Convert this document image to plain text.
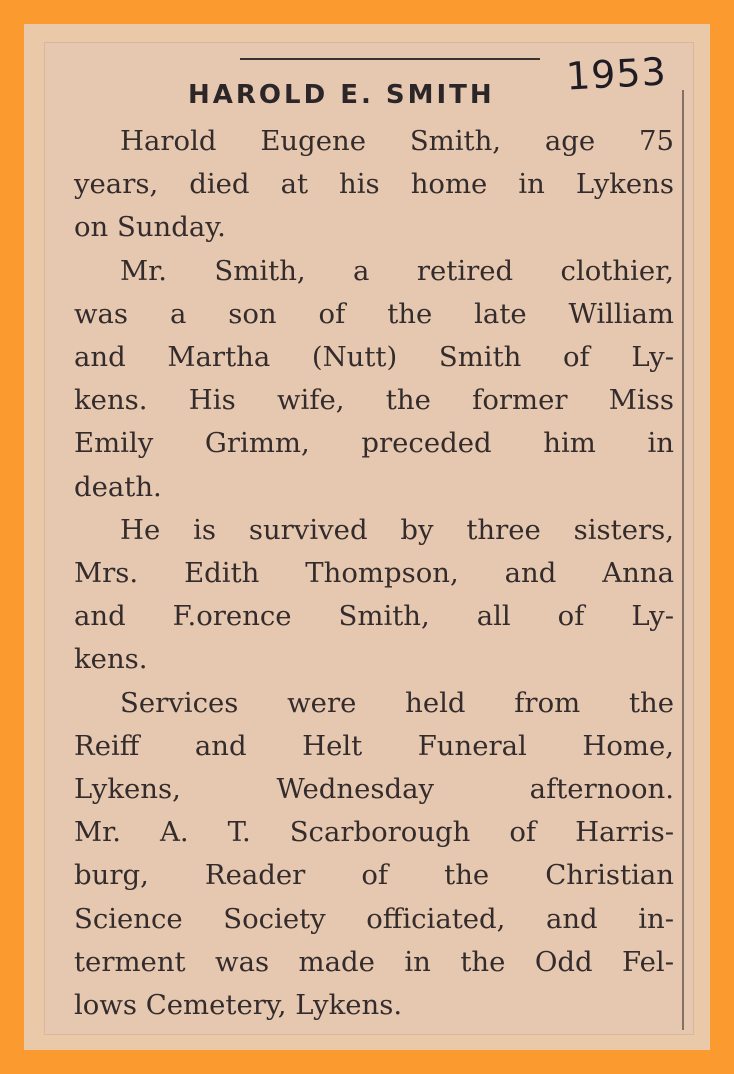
1953
HAROLD E. SMITH

Harold Eugene Smith, age 75
years, died at his home in Lykens
on Sunday.

Mr. Smith, a retired clothier,
was a son of the late William
and Martha (Nutt) Smith of Ly-
kens. His wife, the former Miss
Emily Grimm, preceded him in
death.

He is survived by three sisters,
Mrs. Edith Thompson, and Anna
and F.orence Smith, all of Ly-
kens.

Services were held from the
Reiff and Helt Funeral Home,
Lykens, Wednesday afternoon.
Mr. A. T. Scarborough of Harris-
burg, Reader of the Christian
Science Society officiated, and in-
terment was made in the Odd Fel-
lows Cemetery, Lykens.
